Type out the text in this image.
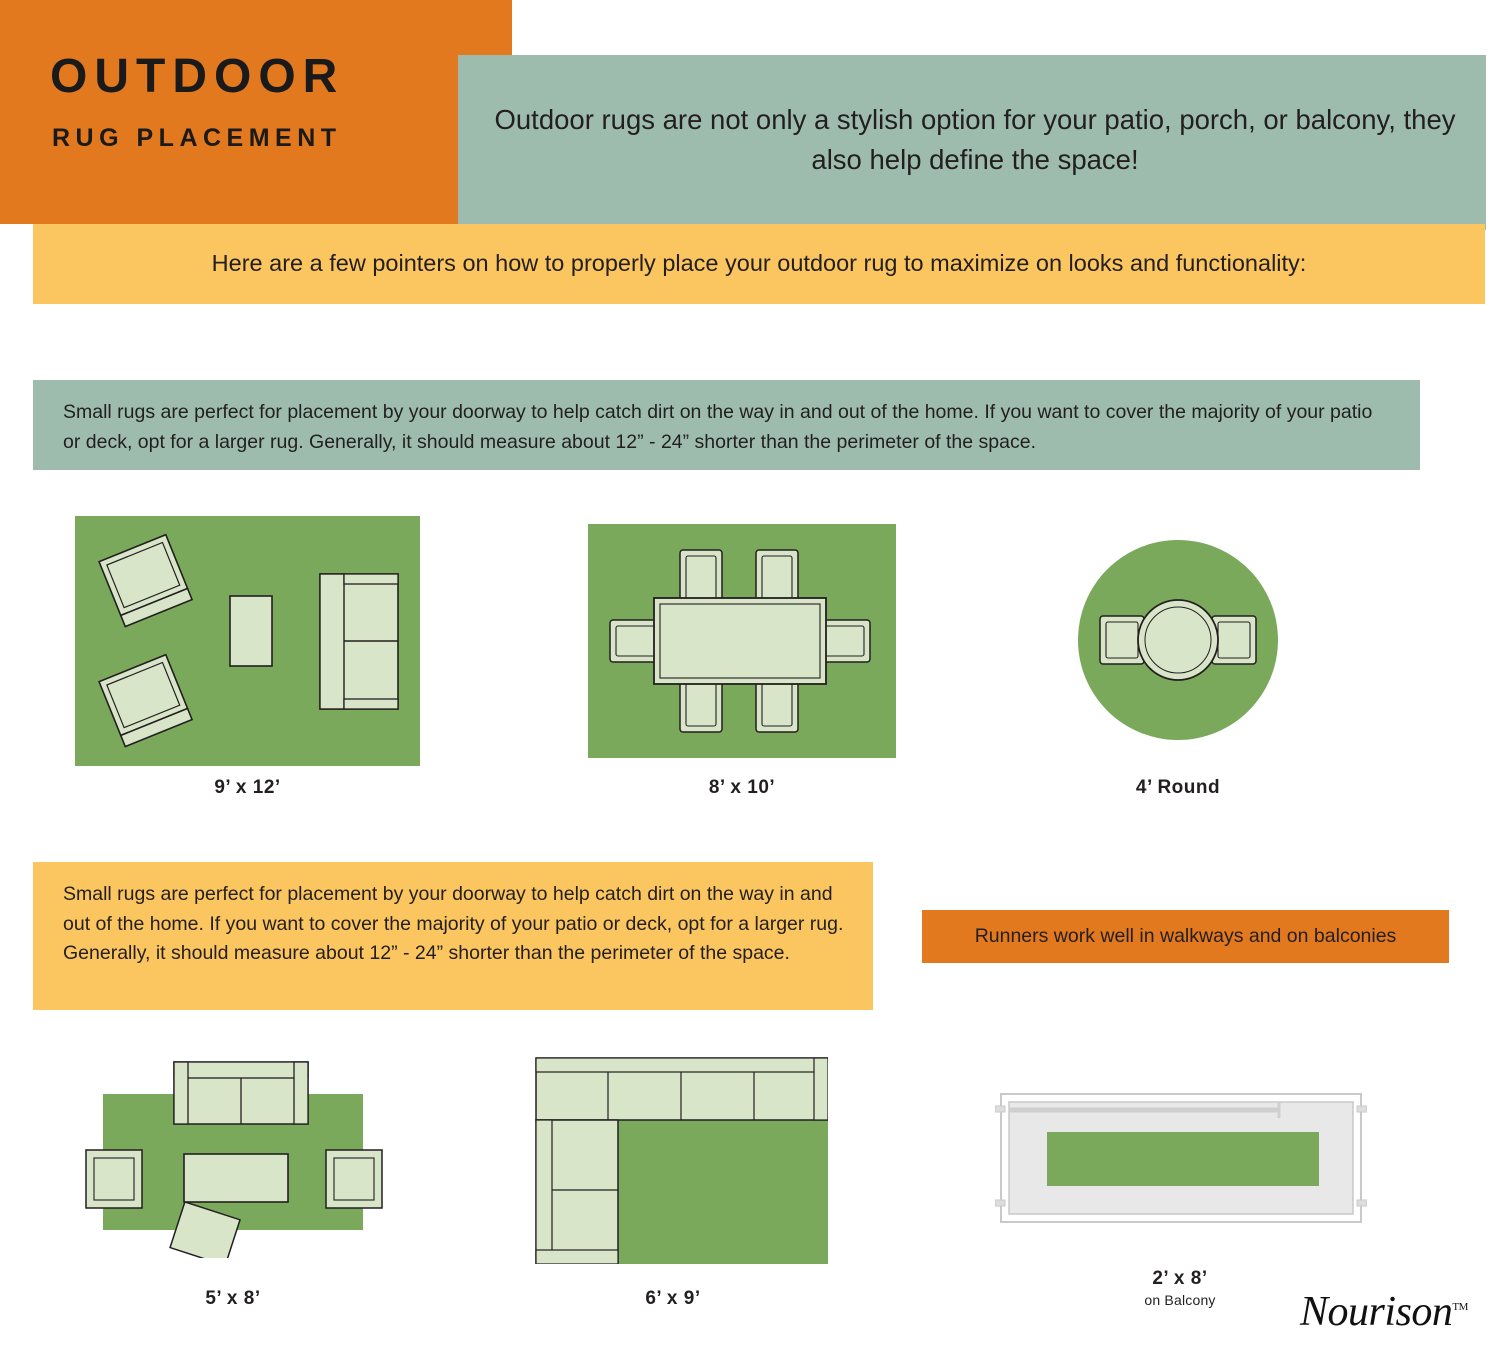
OUTDOOR
RUG PLACEMENT
Outdoor rugs are not only a stylish option for your patio, porch, or balcony, they also help define the space!
Here are a few pointers on how to properly place your outdoor rug to maximize on looks and functionality:
Small rugs are perfect for placement by your doorway to help catch dirt on the way in and out of the home. If you want to cover the majority of your patio or deck, opt for a larger rug. Generally, it should measure about 12” - 24” shorter than the perimeter of the space.
9’ x 12’	8’ x 10’	4’ Round
Small rugs are perfect for placement by your doorway to help catch dirt on the way in and out of the home. If you want to cover the majority of your patio or deck, opt for a larger rug. Generally, it should measure about 12” - 24” shorter than the perimeter of the space.
Runners work well in walkways and on balconies
5’ x 8’	6’ x 9’
2’ x 8’
on Balcony	Nourison™
